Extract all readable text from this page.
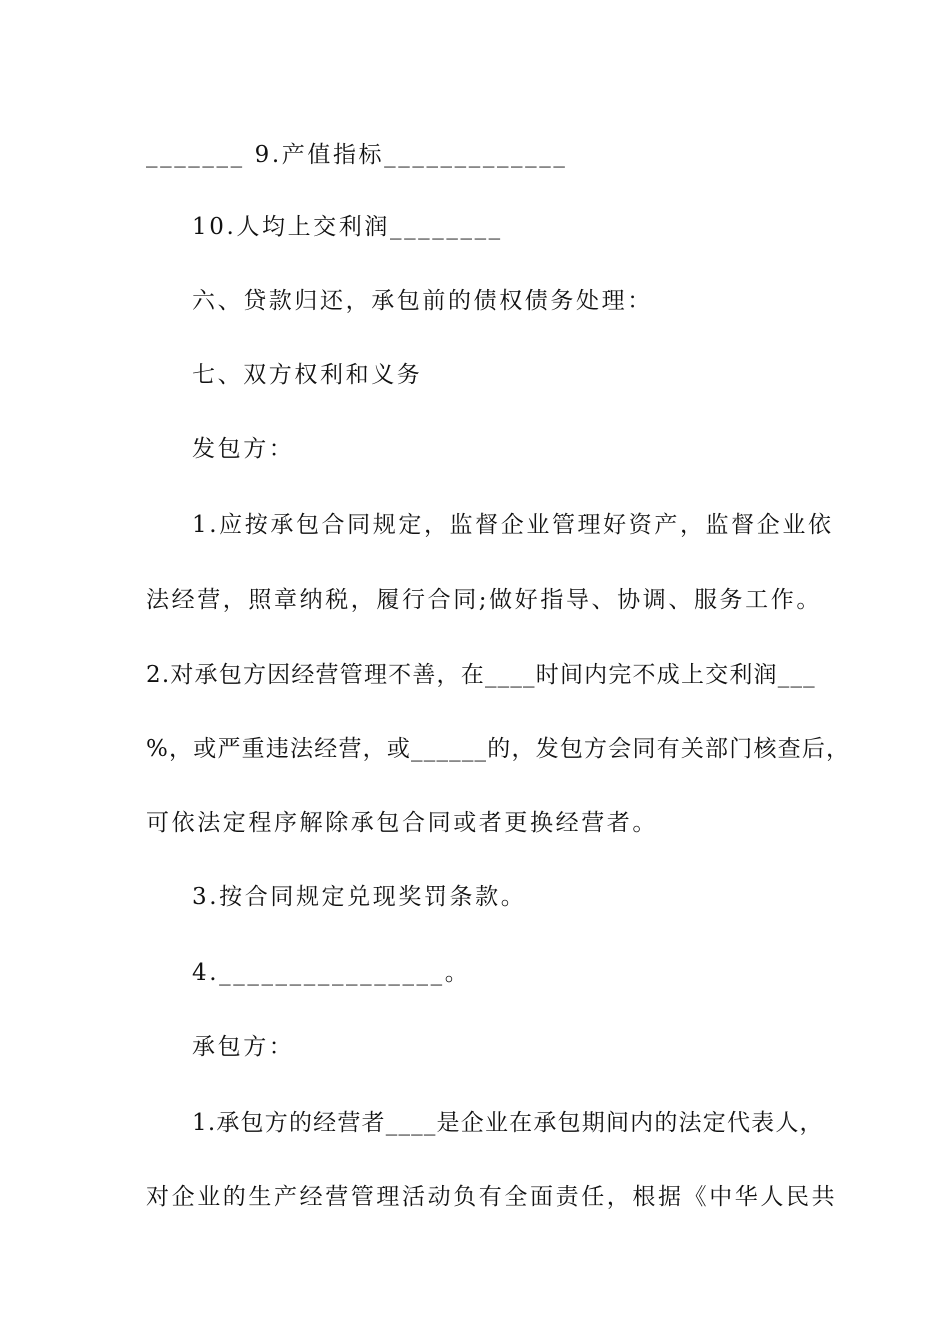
_______ 9.产值指标_____________
10.人均上交利润________
六、贷款归还，承包前的债权债务处理：
七、双方权利和义务
发包方：
1.应按承包合同规定，监督企业管理好资产，监督企业依
法经营，照章纳税，履行合同;做好指导、协调、服务工作。
2.对承包方因经营管理不善，在____时间内完不成上交利润___
%，或严重违法经营，或______的，发包方会同有关部门核查后，
可依法定程序解除承包合同或者更换经营者。
3.按合同规定兑现奖罚条款。
4.________________。
承包方：
1.承包方的经营者____是企业在承包期间内的法定代表人，
对企业的生产经营管理活动负有全面责任，根据《中华人民共
